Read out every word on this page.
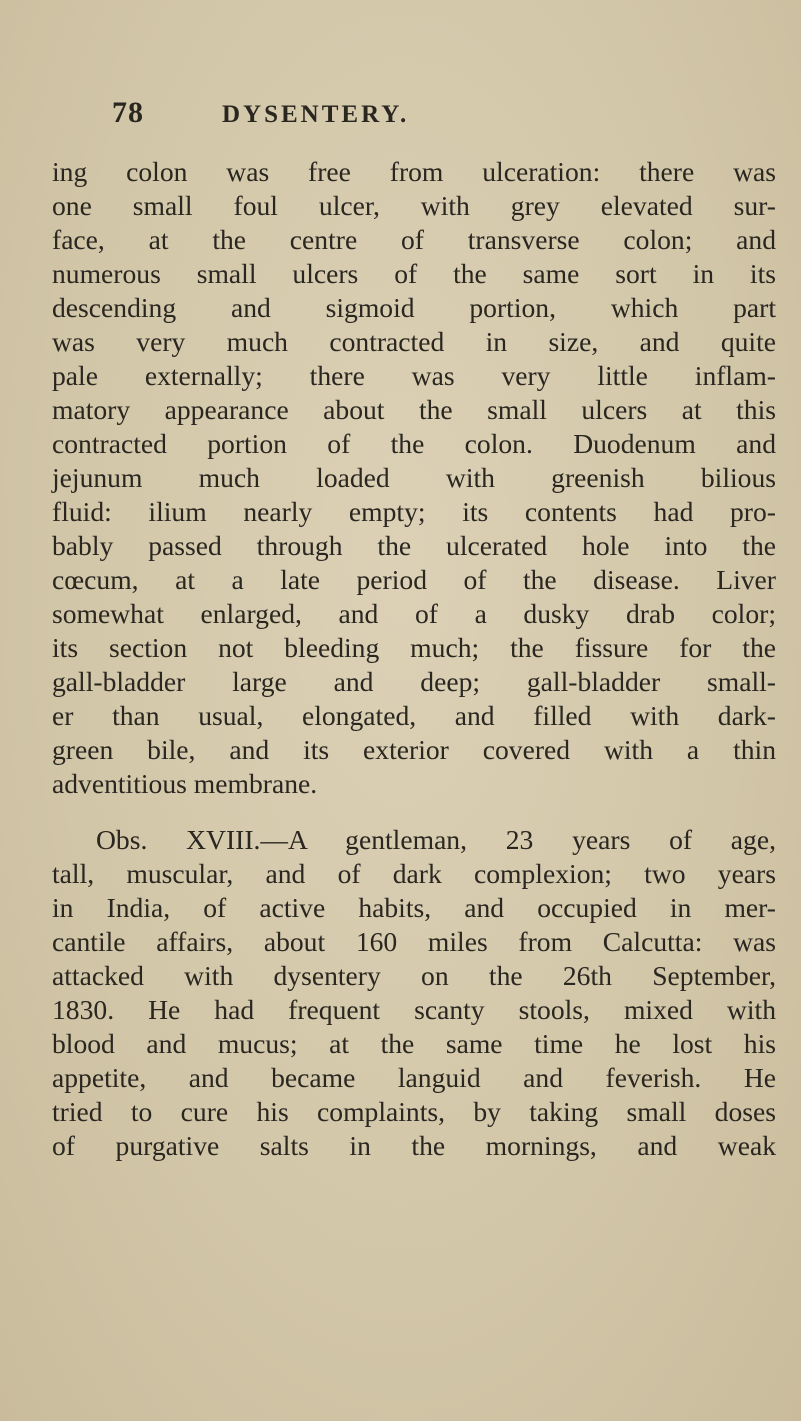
78	DYSENTERY.
ing colon was free from ulceration: there was
one small foul ulcer, with grey elevated sur-
face, at the centre of transverse colon; and
numerous small ulcers of the same sort in its
descending and sigmoid portion, which part
was very much contracted in size, and quite
pale externally; there was very little inflam-
matory appearance about the small ulcers at this
contracted portion of the colon. Duodenum and
jejunum much loaded with greenish bilious
fluid: ilium nearly empty; its contents had pro-
bably passed through the ulcerated hole into the
cœcum, at a late period of the disease. Liver
somewhat enlarged, and of a dusky drab color;
its section not bleeding much; the fissure for the
gall-bladder large and deep; gall-bladder small-
er than usual, elongated, and filled with dark-
green bile, and its exterior covered with a thin
adventitious membrane.
Obs. XVIII.—A gentleman, 23 years of age,
tall, muscular, and of dark complexion; two years
in India, of active habits, and occupied in mer-
cantile affairs, about 160 miles from Calcutta: was
attacked with dysentery on the 26th September,
1830. He had frequent scanty stools, mixed with
blood and mucus; at the same time he lost his
appetite, and became languid and feverish. He
tried to cure his complaints, by taking small doses
of purgative salts in the mornings, and weak
